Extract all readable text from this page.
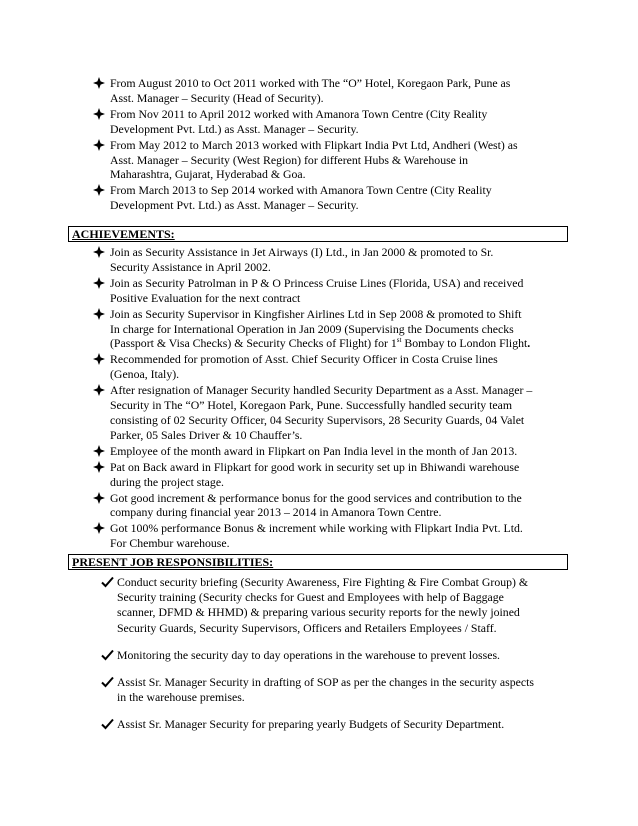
From August 2010 to Oct 2011 worked with The “O” Hotel, Koregaon Park, Pune as
Asst. Manager – Security (Head of Security).
From Nov 2011 to April 2012 worked with Amanora Town Centre (City Reality
Development Pvt. Ltd.) as Asst. Manager – Security.
From May 2012 to March 2013 worked with Flipkart India Pvt Ltd, Andheri (West) as
Asst. Manager – Security (West Region) for different Hubs & Warehouse in
Maharashtra, Gujarat, Hyderabad & Goa.
From March 2013 to Sep 2014 worked with Amanora Town Centre (City Reality
Development Pvt. Ltd.) as Asst. Manager – Security.
ACHIEVEMENTS:
Join as Security Assistance in Jet Airways (I) Ltd., in Jan 2000 & promoted to Sr.
Security Assistance in April 2002.
Join as Security Patrolman in P & O Princess Cruise Lines (Florida, USA) and received
Positive Evaluation for the next contract
Join as Security Supervisor in Kingfisher Airlines Ltd in Sep 2008 & promoted to Shift
In charge for International Operation in Jan 2009 (Supervising the Documents checks
(Passport & Visa Checks) & Security Checks of Flight) for 1st Bombay to London Flight.
Recommended for promotion of Asst. Chief Security Officer in Costa Cruise lines
(Genoa, Italy).
After resignation of Manager Security handled Security Department as a Asst. Manager –
Security in The “O” Hotel, Koregaon Park, Pune. Successfully handled security team
consisting of 02 Security Officer, 04 Security Supervisors, 28 Security Guards, 04 Valet
Parker, 05 Sales Driver & 10 Chauffer’s.
Employee of the month award in Flipkart on Pan India level in the month of Jan 2013.
Pat on Back award in Flipkart for good work in security set up in Bhiwandi warehouse
during the project stage.
Got good increment & performance bonus for the good services and contribution to the
company during financial year 2013 – 2014 in Amanora Town Centre.
Got 100% performance Bonus & increment while working with Flipkart India Pvt. Ltd.
For Chembur warehouse.
PRESENT JOB RESPONSIBILITIES:
Conduct security briefing (Security Awareness, Fire Fighting & Fire Combat Group) &
Security training (Security checks for Guest and Employees with help of Baggage
scanner, DFMD & HHMD) & preparing various security reports for the newly joined
Security Guards, Security Supervisors, Officers and Retailers Employees / Staff.
Monitoring the security day to day operations in the warehouse to prevent losses.
Assist Sr. Manager Security in drafting of SOP as per the changes in the security aspects
in the warehouse premises.
Assist Sr. Manager Security for preparing yearly Budgets of Security Department.
